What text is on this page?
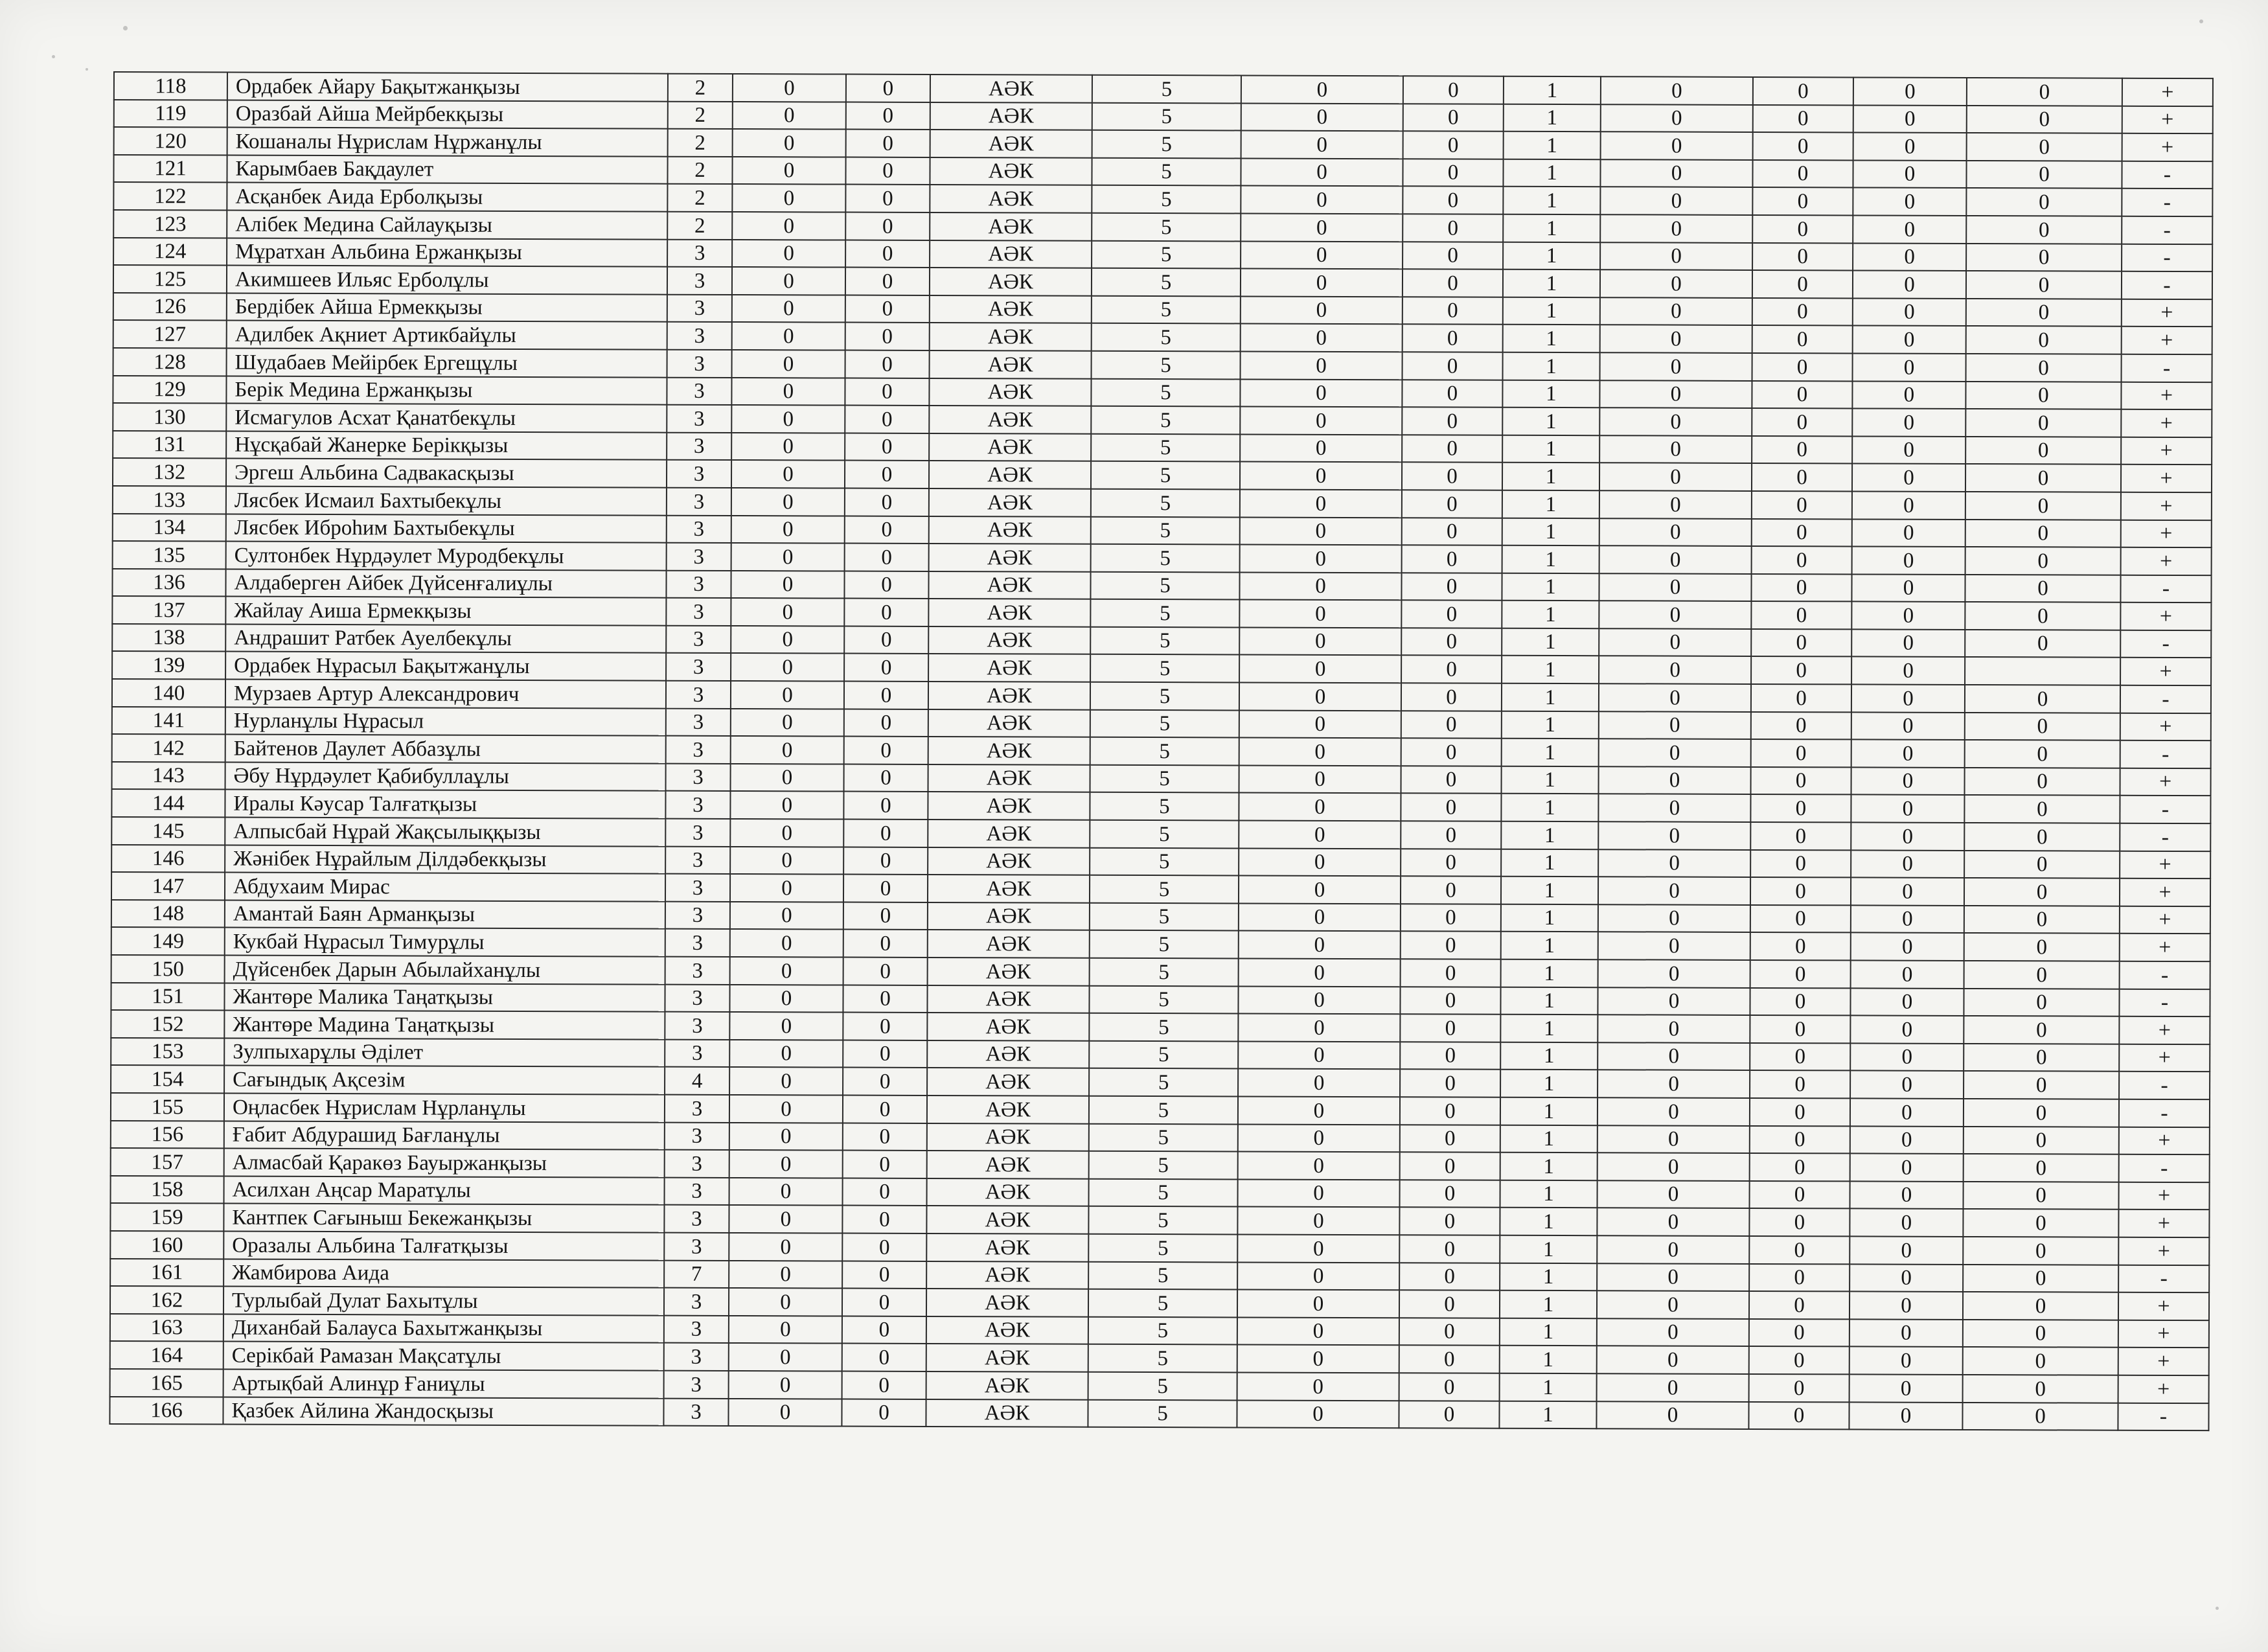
118	Ордабек Айару Бақытжанқызы	2	0	0	АӘК	5	0	0	1	0	0	0	0	+
119	Оразбай Айша Мейрбекқызы	2	0	0	АӘК	5	0	0	1	0	0	0	0	+
120	Кошаналы Нұрислам Нұржанұлы	2	0	0	АӘК	5	0	0	1	0	0	0	0	+
121	Карымбаев Бақдаулет	2	0	0	АӘК	5	0	0	1	0	0	0	0	-
122	Асқанбек Аида Ерболқызы	2	0	0	АӘК	5	0	0	1	0	0	0	0	-
123	Алібек Медина Сайлауқызы	2	0	0	АӘК	5	0	0	1	0	0	0	0	-
124	Мұратхан Альбина Ержанқызы	3	0	0	АӘК	5	0	0	1	0	0	0	0	-
125	Акимшеев Ильяс Ерболұлы	3	0	0	АӘК	5	0	0	1	0	0	0	0	-
126	Бердібек Айша Ермекқызы	3	0	0	АӘК	5	0	0	1	0	0	0	0	+
127	Адилбек Ақниет Артикбайұлы	3	0	0	АӘК	5	0	0	1	0	0	0	0	+
128	Шудабаев Мейірбек Ергещұлы	3	0	0	АӘК	5	0	0	1	0	0	0	0	-
129	Берік Медина Ержанқызы	3	0	0	АӘК	5	0	0	1	0	0	0	0	+
130	Исмагулов Асхат Қанатбекұлы	3	0	0	АӘК	5	0	0	1	0	0	0	0	+
131	Нұсқабай Жанерке Берікқызы	3	0	0	АӘК	5	0	0	1	0	0	0	0	+
132	Эргеш Альбина Садвакасқызы	3	0	0	АӘК	5	0	0	1	0	0	0	0	+
133	Лясбек Исмаил Бахтыбекұлы	3	0	0	АӘК	5	0	0	1	0	0	0	0	+
134	Лясбек Иброһим Бахтыбекұлы	3	0	0	АӘК	5	0	0	1	0	0	0	0	+
135	Султонбек Нұрдәулет Муродбекұлы	3	0	0	АӘК	5	0	0	1	0	0	0	0	+
136	Алдаберген Айбек Дүйсенғалиұлы	3	0	0	АӘК	5	0	0	1	0	0	0	0	-
137	Жайлау Аиша Ермекқызы	3	0	0	АӘК	5	0	0	1	0	0	0	0	+
138	Андрашит Ратбек Ауелбекұлы	3	0	0	АӘК	5	0	0	1	0	0	0	0	-
139	Ордабек Нұрасыл Бақытжанұлы	3	0	0	АӘК	5	0	0	1	0	0	0		+
140	Мурзаев Артур Александрович	3	0	0	АӘК	5	0	0	1	0	0	0	0	-
141	Нурланұлы Нұрасыл	3	0	0	АӘК	5	0	0	1	0	0	0	0	+
142	Байтенов Даулет Аббазұлы	3	0	0	АӘК	5	0	0	1	0	0	0	0	-
143	Әбу Нұрдәулет Қабибуллаұлы	3	0	0	АӘК	5	0	0	1	0	0	0	0	+
144	Иралы Кәусар Талғатқызы	3	0	0	АӘК	5	0	0	1	0	0	0	0	-
145	Алпысбай Нұрай Жақсылыққызы	3	0	0	АӘК	5	0	0	1	0	0	0	0	-
146	Жәнібек Нұрайлым Ділдәбекқызы	3	0	0	АӘК	5	0	0	1	0	0	0	0	+
147	Абдухаим Мирас	3	0	0	АӘК	5	0	0	1	0	0	0	0	+
148	Амантай Баян Арманқызы	3	0	0	АӘК	5	0	0	1	0	0	0	0	+
149	Кукбай Нұрасыл Тимурұлы	3	0	0	АӘК	5	0	0	1	0	0	0	0	+
150	Дүйсенбек Дарын Абылайханұлы	3	0	0	АӘК	5	0	0	1	0	0	0	0	-
151	Жантөре Малика Таңатқызы	3	0	0	АӘК	5	0	0	1	0	0	0	0	-
152	Жантөре Мадина Таңатқызы	3	0	0	АӘК	5	0	0	1	0	0	0	0	+
153	Зулпыхарұлы Әділет	3	0	0	АӘК	5	0	0	1	0	0	0	0	+
154	Сағындық Ақсезім	4	0	0	АӘК	5	0	0	1	0	0	0	0	-
155	Оңласбек Нұрислам Нұрланұлы	3	0	0	АӘК	5	0	0	1	0	0	0	0	-
156	Ғабит Абдурашид Бағланұлы	3	0	0	АӘК	5	0	0	1	0	0	0	0	+
157	Алмасбай Қаракөз Бауыржанқызы	3	0	0	АӘК	5	0	0	1	0	0	0	0	-
158	Асилхан Аңсар Маратұлы	3	0	0	АӘК	5	0	0	1	0	0	0	0	+
159	Кантпек Сағыныш Бекежанқызы	3	0	0	АӘК	5	0	0	1	0	0	0	0	+
160	Оразалы Альбина Талғатқызы	3	0	0	АӘК	5	0	0	1	0	0	0	0	+
161	Жамбирова Аида	7	0	0	АӘК	5	0	0	1	0	0	0	0	-
162	Турлыбай Дулат Бахытұлы	3	0	0	АӘК	5	0	0	1	0	0	0	0	+
163	Диханбай Балауса Бахытжанқызы	3	0	0	АӘК	5	0	0	1	0	0	0	0	+
164	Серікбай Рамазан Мақсатұлы	3	0	0	АӘК	5	0	0	1	0	0	0	0	+
165	Артықбай Алинұр Ғаниұлы	3	0	0	АӘК	5	0	0	1	0	0	0	0	+
166	Қазбек Айлина Жандосқызы	3	0	0	АӘК	5	0	0	1	0	0	0	0	-
